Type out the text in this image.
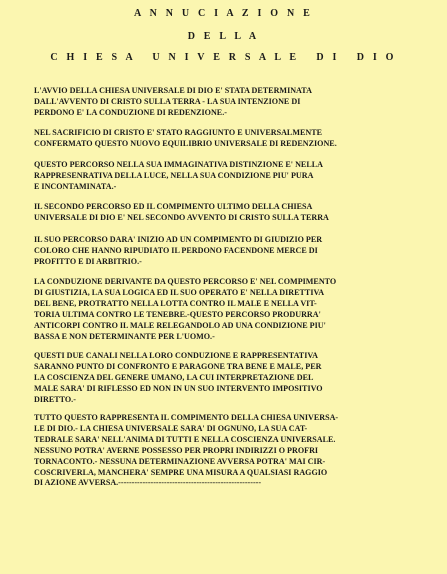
A N N U C I A Z I O N E
D E L L A
C H I E S A   U N I V E R S A L E   D I   D I O
L'AVVIO DELLA CHIESA UNIVERSALE DI DIO E' STATA DETERMINATA
DALL'AVVENTO DI CRISTO SULLA TERRA - LA SUA INTENZIONE DI
PERDONO E' LA CONDUZIONE DI REDENZIONE.-
NEL SACRIFICIO DI CRISTO E' STATO RAGGIUNTO E UNIVERSALMENTE
CONFERMATO QUESTO NUOVO EQUILIBRIO UNIVERSALE DI REDENZIONE.
QUESTO PERCORSO NELLA SUA IMMAGINATIVA DISTINZIONE E' NELLA
RAPPRESENRATIVA DELLA LUCE, NELLA SUA CONDIZIONE PIU' PURA
E INCONTAMINATA.-
IL SECONDO PERCORSO ED IL COMPIMENTO ULTIMO DELLA CHIESA
UNIVERSALE DI DIO E' NEL SECONDO AVVENTO DI CRISTO SULLA TERRA
IL SUO PERCORSO DARA' INIZIO AD UN COMPIMENTO DI GIUDIZIO PER
COLORO CHE HANNO RIPUDIATO IL PERDONO FACENDONE MERCE DI
PROFITTO E DI ARBITRIO.-
LA CONDUZIONE DERIVANTE DA QUESTO PERCORSO E' NEL COMPIMENTO
DI GIUSTIZIA, LA SUA LOGICA ED IL SUO OPERATO E' NELLA DIRETTIVA
DEL BENE, PROTRATTO NELLA LOTTA CONTRO IL MALE E NELLA VIT-
TORIA ULTIMA CONTRO LE TENEBRE.-QUESTO PERCORSO PRODURRA'
ANTICORPI CONTRO IL MALE RELEGANDOLO AD UNA CONDIZIONE PIU'
BASSA E NON DETERMINANTE PER L'UOMO.-
QUESTI DUE CANALI NELLA LORO CONDUZIONE E RAPPRESENTATIVA
SARANNO PUNTO DI CONFRONTO E PARAGONE TRA BENE E MALE, PER
LA COSCIENZA DEL GENERE UMANO, LA CUI INTERPRETAZIONE DEL
MALE SARA' DI RIFLESSO ED NON IN UN SUO INTERVENTO IMPOSITIVO
DIRETTO.-
TUTTO QUESTO RAPPRESENTA IL COMPIMENTO DELLA CHIESA UNIVERSA-
LE DI DIO.- LA CHIESA UNIVERSALE SARA' DI OGNUNO, LA SUA CAT-
TEDRALE SARA' NELL'ANIMA DI TUTTI E NELLA COSCIENZA UNIVERSALE.
NESSUNO POTRA' AVERNE POSSESSO PER PROPRI INDIRIZZI O PROFRI
TORNACONTO.- NESSUNA DETERMINAZIONE AVVERSA POTRA' MAI CIR-
COSCRIVERLA, MANCHERA' SEMPRE UNA MISURA A QUALSIASI RAGGIO
DI AZIONE AVVERSA.-----------------------------------------------------
